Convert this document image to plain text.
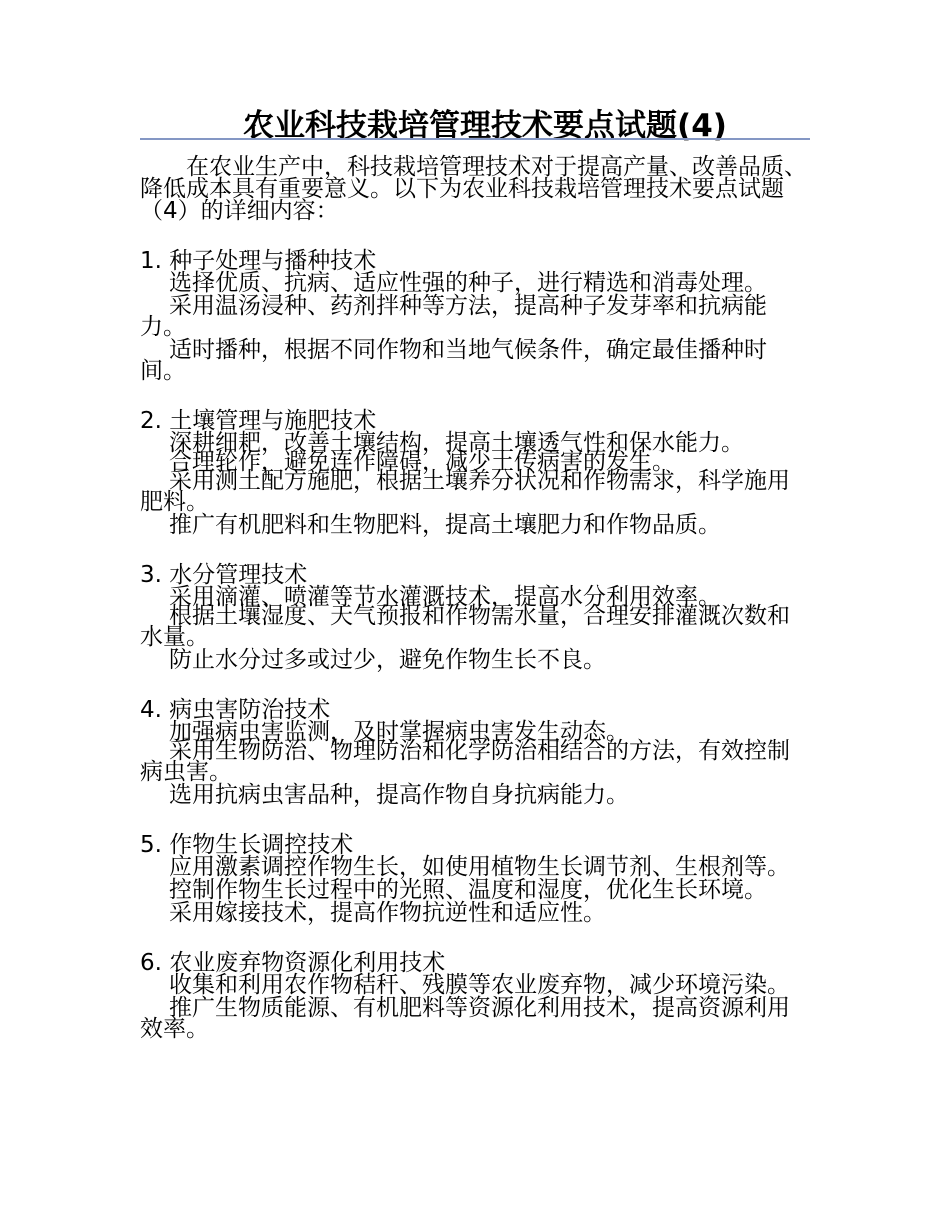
农业科技栽培管理技术要点试题(4)

在农业生产中，科技栽培管理技术对于提高产量、改善品质、降低成本具有重要意义。以下为农业科技栽培管理技术要点试题（4）的详细内容：

1. 种子处理与播种技术

选择优质、抗病、适应性强的种子，进行精选和消毒处理。

采用温汤浸种、药剂拌种等方法，提高种子发芽率和抗病能力。

适时播种，根据不同作物和当地气候条件，确定最佳播种时间。

2. 土壤管理与施肥技术

深耕细耙，改善土壤结构，提高土壤透气性和保水能力。

合理轮作，避免连作障碍，减少土传病害的发生。

采用测土配方施肥，根据土壤养分状况和作物需求，科学施用肥料。

推广有机肥料和生物肥料，提高土壤肥力和作物品质。

3. 水分管理技术

采用滴灌、喷灌等节水灌溉技术，提高水分利用效率。

根据土壤湿度、天气预报和作物需水量，合理安排灌溉次数和水量。

防止水分过多或过少，避免作物生长不良。

4. 病虫害防治技术

加强病虫害监测，及时掌握病虫害发生动态。

采用生物防治、物理防治和化学防治相结合的方法，有效控制病虫害。

选用抗病虫害品种，提高作物自身抗病能力。

5. 作物生长调控技术

应用激素调控作物生长，如使用植物生长调节剂、生根剂等。

控制作物生长过程中的光照、温度和湿度，优化生长环境。

采用嫁接技术，提高作物抗逆性和适应性。

6. 农业废弃物资源化利用技术

收集和利用农作物秸秆、残膜等农业废弃物，减少环境污染。

推广生物质能源、有机肥料等资源化利用技术，提高资源利用效率。
